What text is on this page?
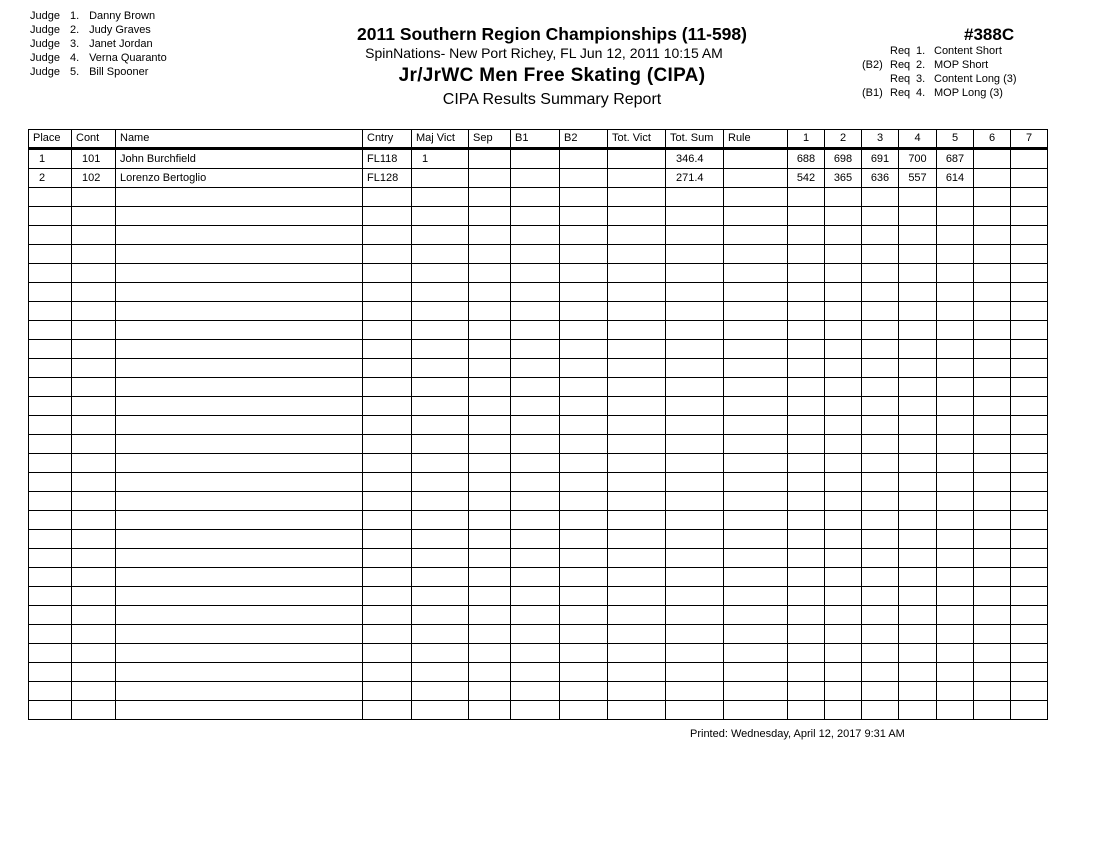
Judge 1. Danny Brown
Judge 2. Judy Graves
Judge 3. Janet Jordan
Judge 4. Verna Quaranto
Judge 5. Bill Spooner
2011 Southern Region Championships (11-598)
SpinNations- New Port Richey, FL Jun 12, 2011 10:15 AM
Jr/JrWC Men Free Skating (CIPA)
CIPA Results Summary Report
#388C
Req 1. Content Short
(B2) Req 2. MOP Short
Req 3. Content Long (3)
(B1) Req 4. MOP Long (3)
Place	Cont	Name	Cntry	Maj Vict	Sep	B1	B2	Tot. Vict	Tot. Sum	Rule	1	2	3	4	5	6	7
1	101	John Burchfield	FL118	1					346.4		688	698	691	700	687		
2	102	Lorenzo Bertoglio	FL128						271.4		542	365	636	557	614		

Printed: Wednesday, April 12, 2017 9:31 AM
